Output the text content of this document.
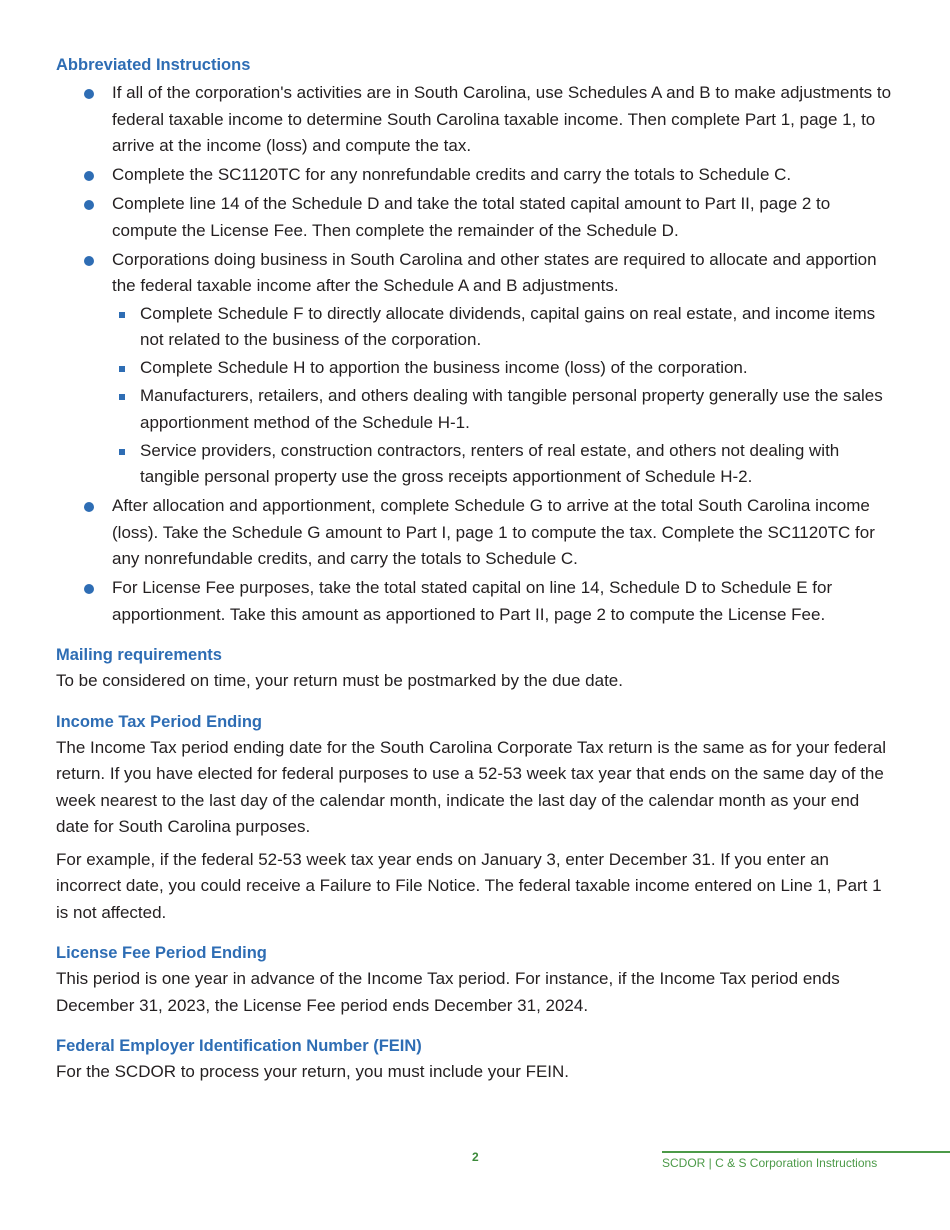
Abbreviated Instructions
If all of the corporation's activities are in South Carolina, use Schedules A and B to make adjustments to federal taxable income to determine South Carolina taxable income. Then complete Part 1, page 1, to arrive at the income (loss) and compute the tax.
Complete the SC1120TC for any nonrefundable credits and carry the totals to Schedule C.
Complete line 14 of the Schedule D and take the total stated capital amount to Part II, page 2 to compute the License Fee. Then complete the remainder of the Schedule D.
Corporations doing business in South Carolina and other states are required to allocate and apportion the federal taxable income after the Schedule A and B adjustments.
Complete Schedule F to directly allocate dividends, capital gains on real estate, and income items not related to the business of the corporation.
Complete Schedule H to apportion the business income (loss) of the corporation.
Manufacturers, retailers, and others dealing with tangible personal property generally use the sales apportionment method of the Schedule H-1.
Service providers, construction contractors, renters of real estate, and others not dealing with tangible personal property use the gross receipts apportionment of Schedule H-2.
After allocation and apportionment, complete Schedule G to arrive at the total South Carolina income (loss). Take the Schedule G amount to Part I, page 1 to compute the tax. Complete the SC1120TC for any nonrefundable credits, and carry the totals to Schedule C.
For License Fee purposes, take the total stated capital on line 14, Schedule D to Schedule E for apportionment. Take this amount as apportioned to Part II, page 2 to compute the License Fee.
Mailing requirements

To be considered on time, your return must be postmarked by the due date.

Income Tax Period Ending

The Income Tax period ending date for the South Carolina Corporate Tax return is the same as for your federal return. If you have elected for federal purposes to use a 52-53 week tax year that ends on the same day of the week nearest to the last day of the calendar month, indicate the last day of the calendar month as your end date for South Carolina purposes.

For example, if the federal 52-53 week tax year ends on January 3, enter December 31. If you enter an incorrect date, you could receive a Failure to File Notice. The federal taxable income entered on Line 1, Part 1 is not affected.

License Fee Period Ending

This period is one year in advance of the Income Tax period. For instance, if the Income Tax period ends December 31, 2023, the License Fee period ends December 31, 2024.

Federal Employer Identification Number (FEIN)

For the SCDOR to process your return, you must include your FEIN.

2	SCDOR | C & S Corporation Instructions
